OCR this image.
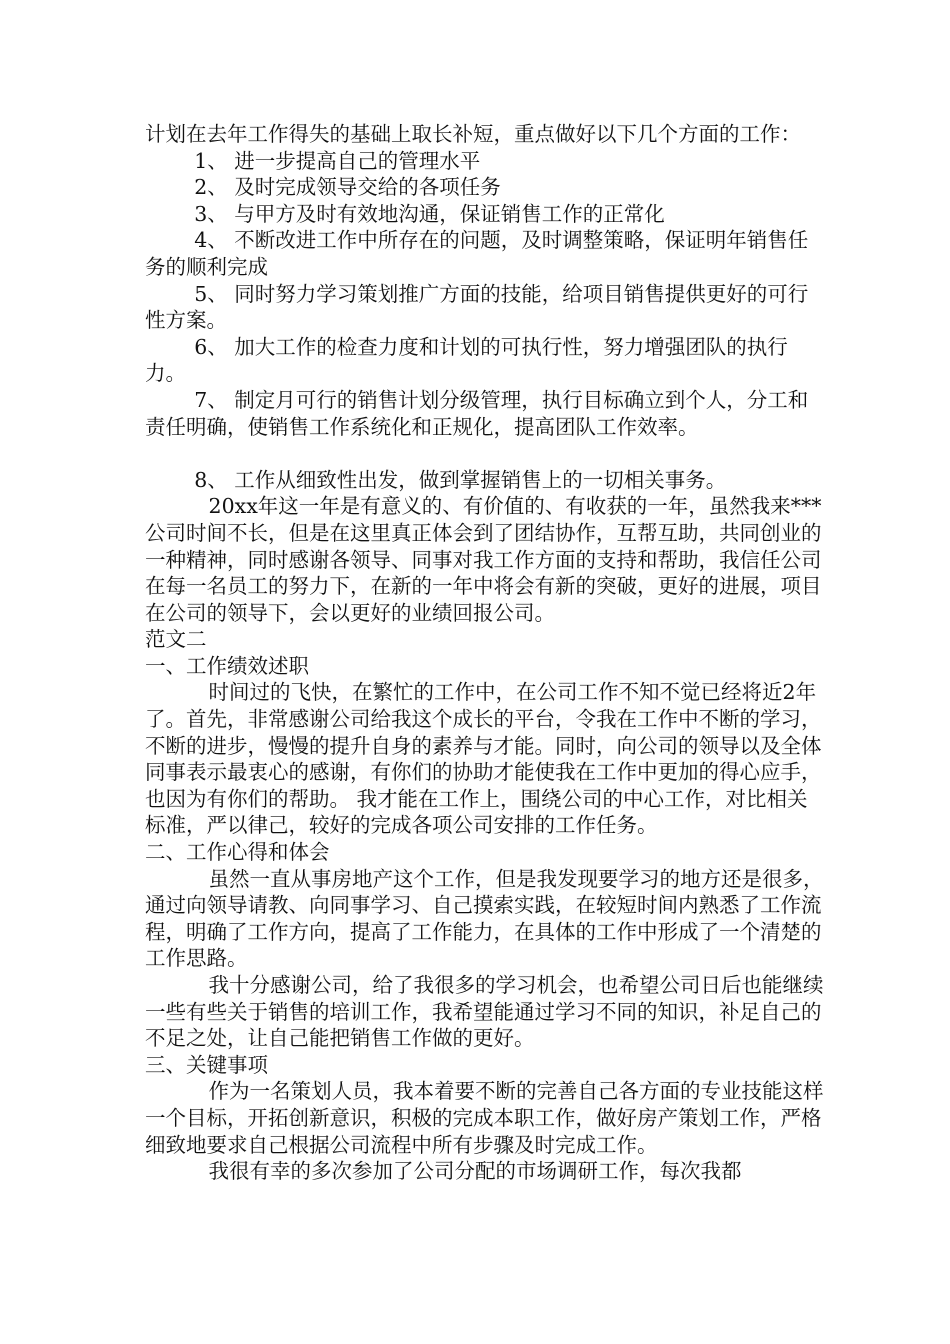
计划在去年工作得失的基础上取长补短，重点做好以下几个方面的工作：

1、 进一步提高自己的管理水平

2、 及时完成领导交给的各项任务

3、 与甲方及时有效地沟通，保证销售工作的正常化

4、 不断改进工作中所存在的问题，及时调整策略，保证明年销售任务的顺利完成

5、 同时努力学习策划推广方面的技能，给项目销售提供更好的可行性方案。

6、 加大工作的检查力度和计划的可执行性，努力增强团队的执行力。

7、 制定月可行的销售计划分级管理，执行目标确立到个人，分工和责任明确，使销售工作系统化和正规化，提高团队工作效率。

8、 工作从细致性出发，做到掌握销售上的一切相关事务。

20xx年这一年是有意义的、有价值的、有收获的一年，虽然我来***公司时间不长，但是在这里真正体会到了团结协作，互帮互助，共同创业的一种精神，同时感谢各领导、同事对我工作方面的支持和帮助，我信任公司在每一名员工的努力下，在新的一年中将会有新的突破，更好的进展，项目在公司的领导下，会以更好的业绩回报公司。

范文二

一、工作绩效述职

时间过的飞快，在繁忙的工作中，在公司工作不知不觉已经将近2年了。首先，非常感谢公司给我这个成长的平台，令我在工作中不断的学习，不断的进步，慢慢的提升自身的素养与才能。同时，向公司的领导以及全体同事表示最衷心的感谢，有你们的协助才能使我在工作中更加的得心应手，也因为有你们的帮助。 我才能在工作上，围绕公司的中心工作，对比相关标准，严以律己，较好的完成各项公司安排的工作任务。

二、工作心得和体会

虽然一直从事房地产这个工作，但是我发现要学习的地方还是很多，通过向领导请教、向同事学习、自己摸索实践，在较短时间内熟悉了工作流程，明确了工作方向，提高了工作能力，在具体的工作中形成了一个清楚的工作思路。

我十分感谢公司，给了我很多的学习机会，也希望公司日后也能继续一些有些关于销售的培训工作，我希望能通过学习不同的知识，补足自己的不足之处，让自己能把销售工作做的更好。

三、关键事项

作为一名策划人员，我本着要不断的完善自己各方面的专业技能这样一个目标，开拓创新意识，积极的完成本职工作，做好房产策划工作，严格细致地要求自己根据公司流程中所有步骤及时完成工作。

我很有幸的多次参加了公司分配的市场调研工作，每次我都
